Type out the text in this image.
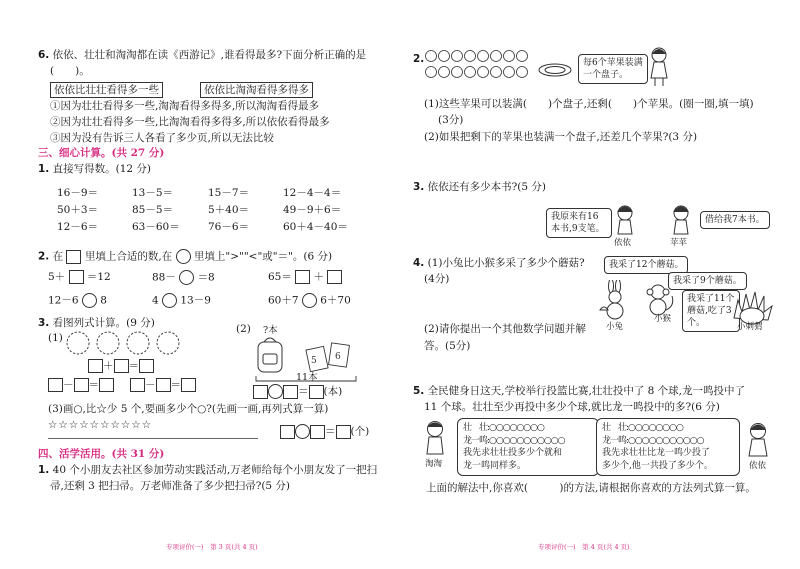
6. 依依、壮壮和淘淘都在读《西游记》,谁看得最多?下面分析正确的是
(　　)。
依依比壮壮看得多一些	依依比淘淘看得多得多
①因为壮壮看得多一些,淘淘看得多得多,所以淘淘看得最多
②因为壮壮看得多一些,比淘淘看得多得多,所以依依看得最多
③因为没有告诉三人各看了多少页,所以无法比较
三、细心计算。(共 27 分)
1. 直接写得数。(12 分)
16－9＝	13－5＝	15－7＝	12－4－4＝
50＋3＝	85－5＝	5＋40＝	49－9＋6＝
12－6＝	63－60＝	76－6＝	60＋4－40＝
2. 在 里填上合适的数,在 里填上">""<"或"＝"。(6 分)
5＋ ＝12	88－ ＝8	65＝ ＋
12－6 8	4 13－9	60＋7 6＋70
3. 看图列式计算。(9 分)
(1)
＋ ＝
－ ＝	－ ＝
(2) ?本
5 6
11本
＝ (本)
(3)画○,比☆少 5 个,要画多少个○?(先画一画,再列式算一算)
☆☆☆☆☆☆☆☆☆☆
＝ (个)
四、活学活用。(共 31 分)
1. 40 个小朋友去社区参加劳动实践活动,万老师给每个小朋友发了一把扫
帚,还剩 3 把扫帚。万老师准备了多少把扫帚?(5 分)
专项评价(一)　第 3 页(共 4 页)
2.	每6个苹果装满一个盘子。
(1)这些苹果可以装满(　　)个盘子,还剩(　　)个苹果。(圈一圈,填一填)
(3分)
(2)如果把剩下的苹果也装满一个盘子,还差几个苹果?(3 分)
3. 依依还有多少本书?(5 分)
我原来有16本书,9支笔。
依依	苹苹
借给我7本书。
4. (1)小兔比小猴多采了多少个蘑菇?
(4分)
我采了12个蘑菇。
我采了9个蘑菇。
我采了11个蘑菇,吃了3个。
小兔
小猴
小刺猬
(2)请你提出一个其他数学问题并解
答。(5分)
5. 全民健身日这天,学校举行投篮比赛,壮壮投中了 8 个球,龙一鸣投中了
11 个球。壮壮至少再投中多少个球,就比龙一鸣投中的多?(6 分)
淘淘
壮　壮:○○○○○○○○
龙一鸣:○○○○○○○○○○○
我先求壮壮投多少个就和
龙一鸣同样多。
壮　壮:○○○○○○○○
龙一鸣:○○○○○○○○○○○
我先求壮壮比龙一鸣少投了
多少个,他一共投了多少个。	依依
上面的解法中,你喜欢(　　　)的方法,请根据你喜欢的方法列式算一算。
专项评价(一)　第 4 页(共 4 页)
